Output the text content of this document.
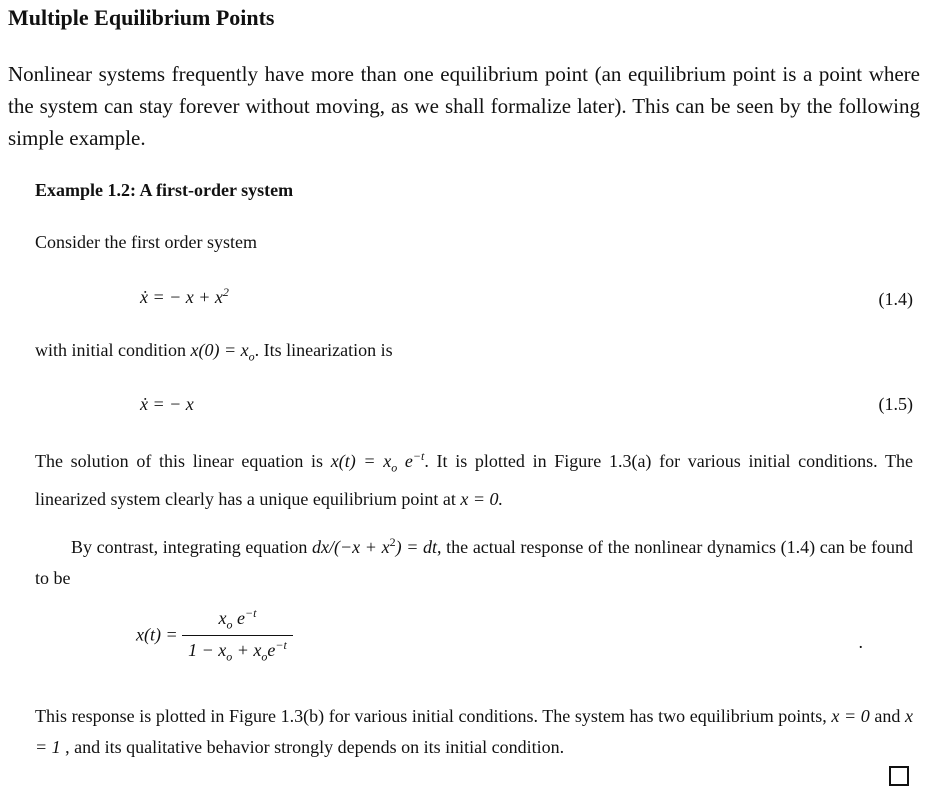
Multiple Equilibrium Points
Nonlinear systems frequently have more than one equilibrium point (an equilibrium point is a point where the system can stay forever without moving, as we shall formalize later). This can be seen by the following simple example.
Example 1.2: A first-order system
Consider the first order system
ẋ = − $x + x^2$	(1.4)
with initial condition $x(0) = x_o$. Its linearization is
ẋ = − x	(1.5)
The solution of this linear equation is $x(t) = x_o$ $e^{-t}$. It is plotted in Figure 1.3(a) for various initial conditions. The linearized system clearly has a unique equilibrium point at x = 0.
By contrast, integrating equation $dx/(-x + x^2)$ = dt, the actual response of the nonlinear dynamics (1.4) can be found to be
$x(t) = \frac{x_o e^{-t}}{1 - x_o + x_oe^{-t}}$	.
This response is plotted in Figure 1.3(b) for various initial conditions. The system has two equilibrium points, x = 0 and x = 1 , and its qualitative behavior strongly depends on its initial condition.
